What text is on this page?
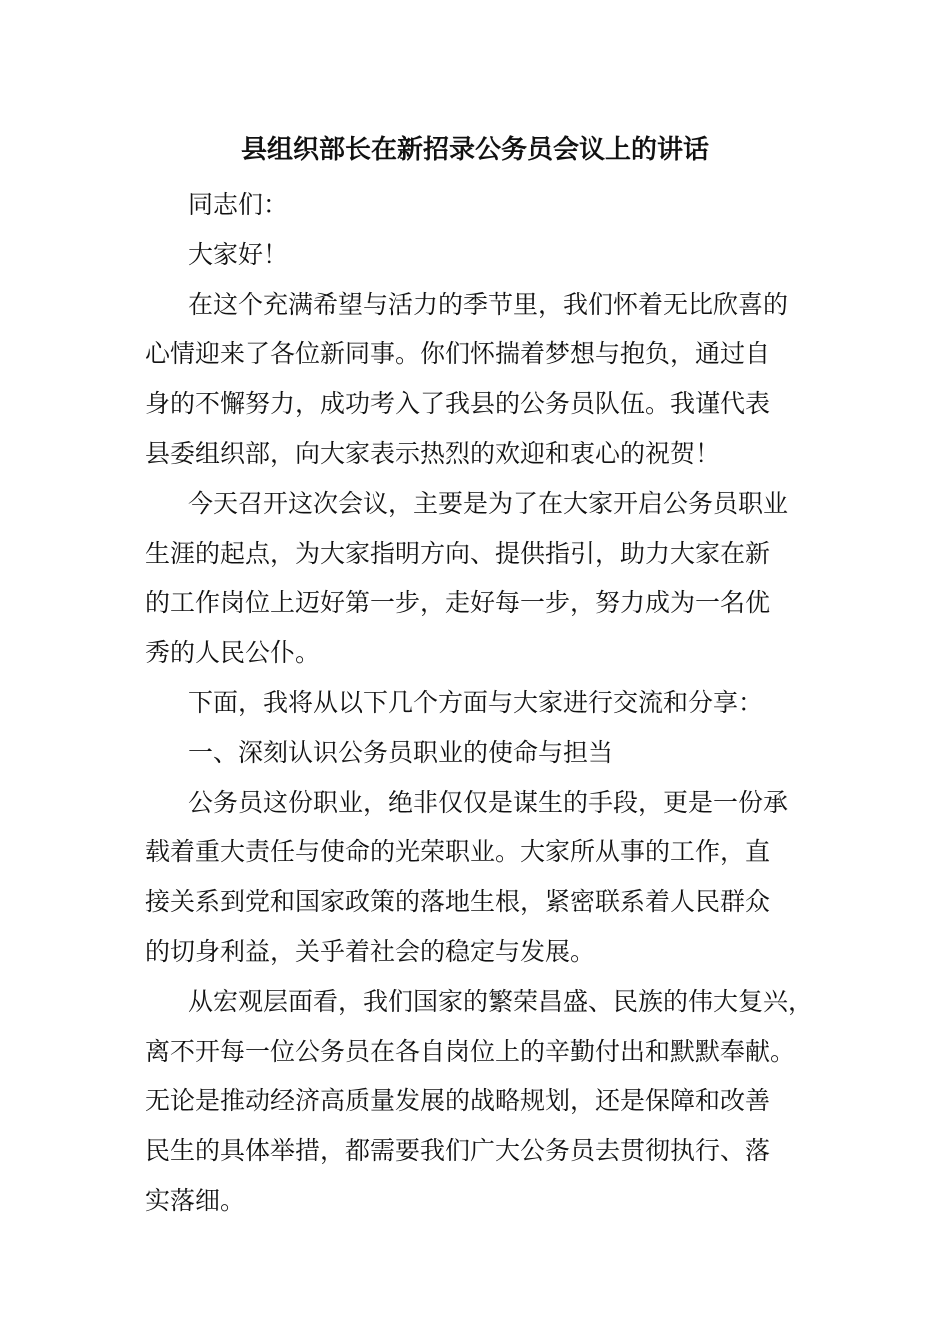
县组织部长在新招录公务员会议上的讲话
同志们：
大家好！
在这个充满希望与活力的季节里，我们怀着无比欣喜的
心情迎来了各位新同事。你们怀揣着梦想与抱负，通过自
身的不懈努力，成功考入了我县的公务员队伍。我谨代表
县委组织部，向大家表示热烈的欢迎和衷心的祝贺！
今天召开这次会议，主要是为了在大家开启公务员职业
生涯的起点，为大家指明方向、提供指引，助力大家在新
的工作岗位上迈好第一步，走好每一步，努力成为一名优
秀的人民公仆。
下面，我将从以下几个方面与大家进行交流和分享：
一、深刻认识公务员职业的使命与担当
公务员这份职业，绝非仅仅是谋生的手段，更是一份承
载着重大责任与使命的光荣职业。大家所从事的工作，直
接关系到党和国家政策的落地生根，紧密联系着人民群众
的切身利益，关乎着社会的稳定与发展。
从宏观层面看，我们国家的繁荣昌盛、民族的伟大复兴，
离不开每一位公务员在各自岗位上的辛勤付出和默默奉献。
无论是推动经济高质量发展的战略规划，还是保障和改善
民生的具体举措，都需要我们广大公务员去贯彻执行、落
实落细。
